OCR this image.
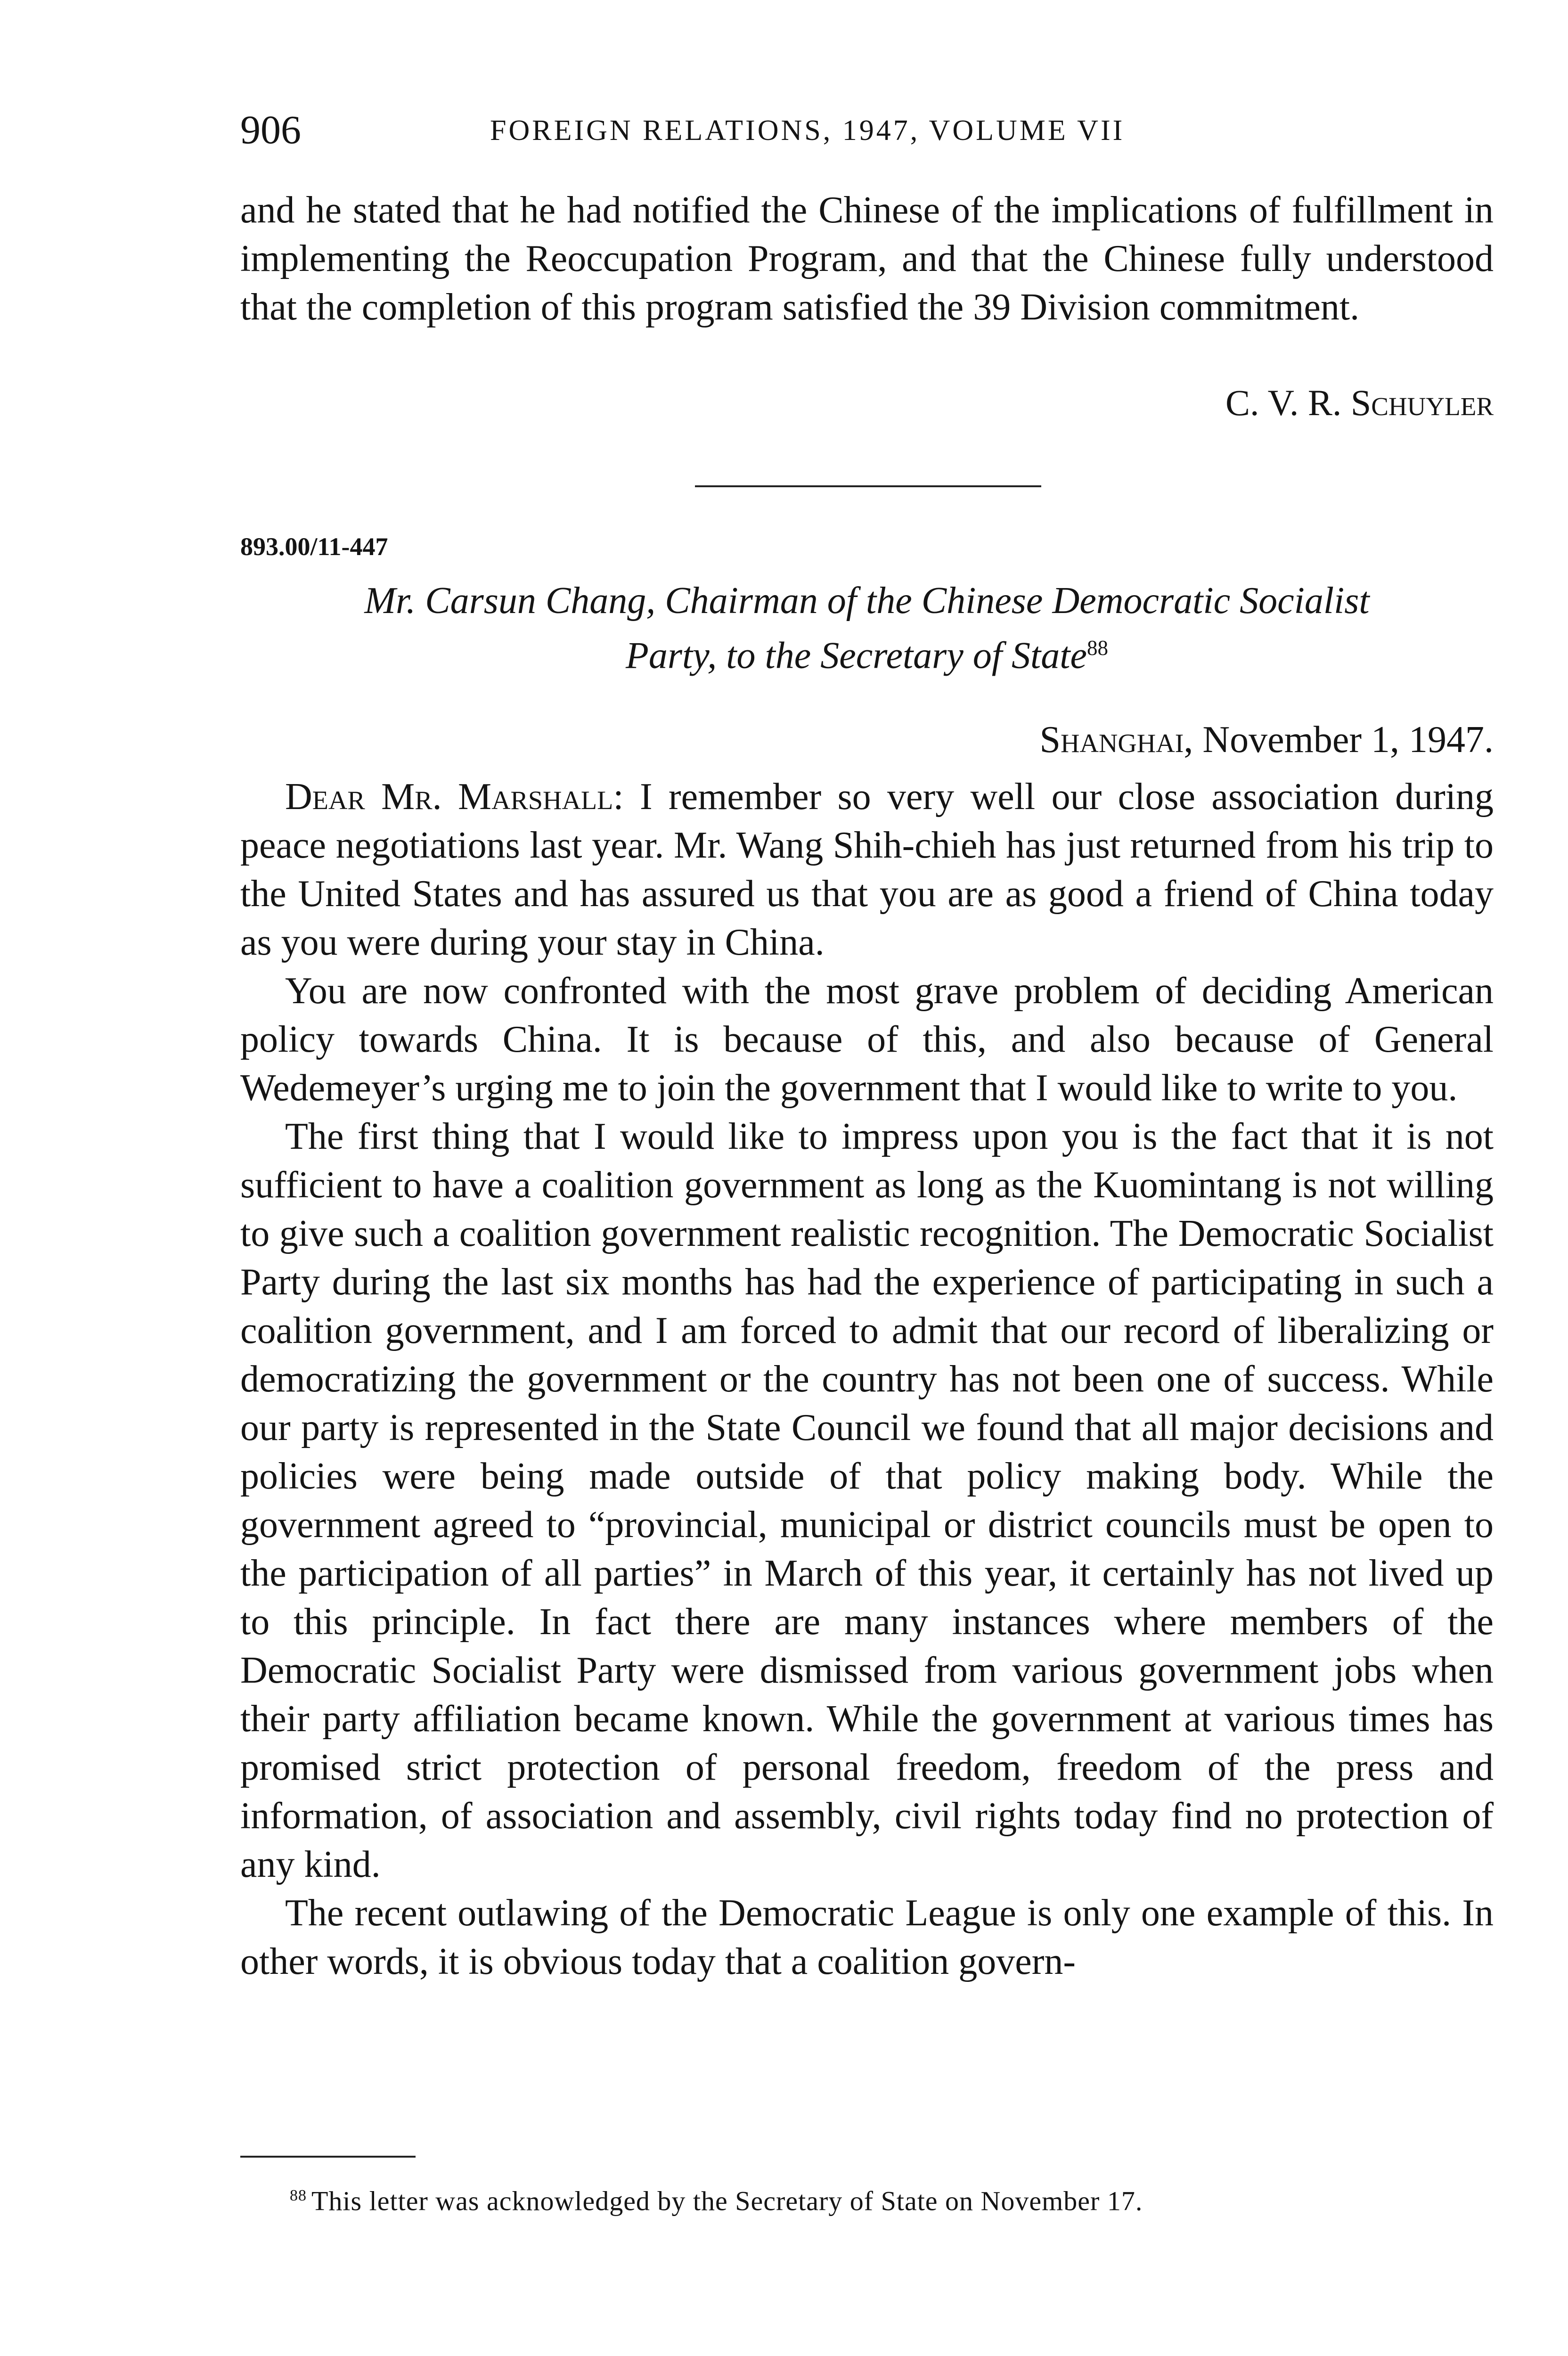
906	FOREIGN RELATIONS, 1947, VOLUME VII

and he stated that he had notified the Chinese of the implications of fulfillment in implementing the Reoccupation Program, and that the Chinese fully understood that the completion of this program satisfied the 39 Division commitment.

C. V. R. Schuyler
893.00/11-447
Mr. Carsun Chang, Chairman of the Chinese Democratic Socialist
Party, to the Secretary of State$^{88}$
Shanghai, November 1, 1947.

Dear Mr. Marshall: I remember so very well our close association during peace negotiations last year. Mr. Wang Shih-chieh has just returned from his trip to the United States and has assured us that you are as good a friend of China today as you were during your stay in China.

You are now confronted with the most grave problem of deciding American policy towards China. It is because of this, and also because of General Wedemeyer’s urging me to join the government that I would like to write to you.

The first thing that I would like to impress upon you is the fact that it is not sufficient to have a coalition government as long as the Kuomintang is not willing to give such a coalition government realistic recognition. The Democratic Socialist Party during the last six months has had the experience of participating in such a coalition government, and I am forced to admit that our record of liberalizing or democratizing the government or the country has not been one of success. While our party is represented in the State Council we found that all major decisions and policies were being made outside of that policy making body. While the government agreed to “provincial, municipal or district councils must be open to the participation of all parties” in March of this year, it certainly has not lived up to this principle. In fact there are many instances where members of the Democratic Socialist Party were dismissed from various government jobs when their party affiliation became known. While the government at various times has promised strict protection of personal freedom, freedom of the press and information, of association and assembly, civil rights today find no protection of any kind.

The recent outlawing of the Democratic League is only one example of this. In other words, it is obvious today that a coalition govern-

$^{88}$ This letter was acknowledged by the Secretary of State on November 17.
